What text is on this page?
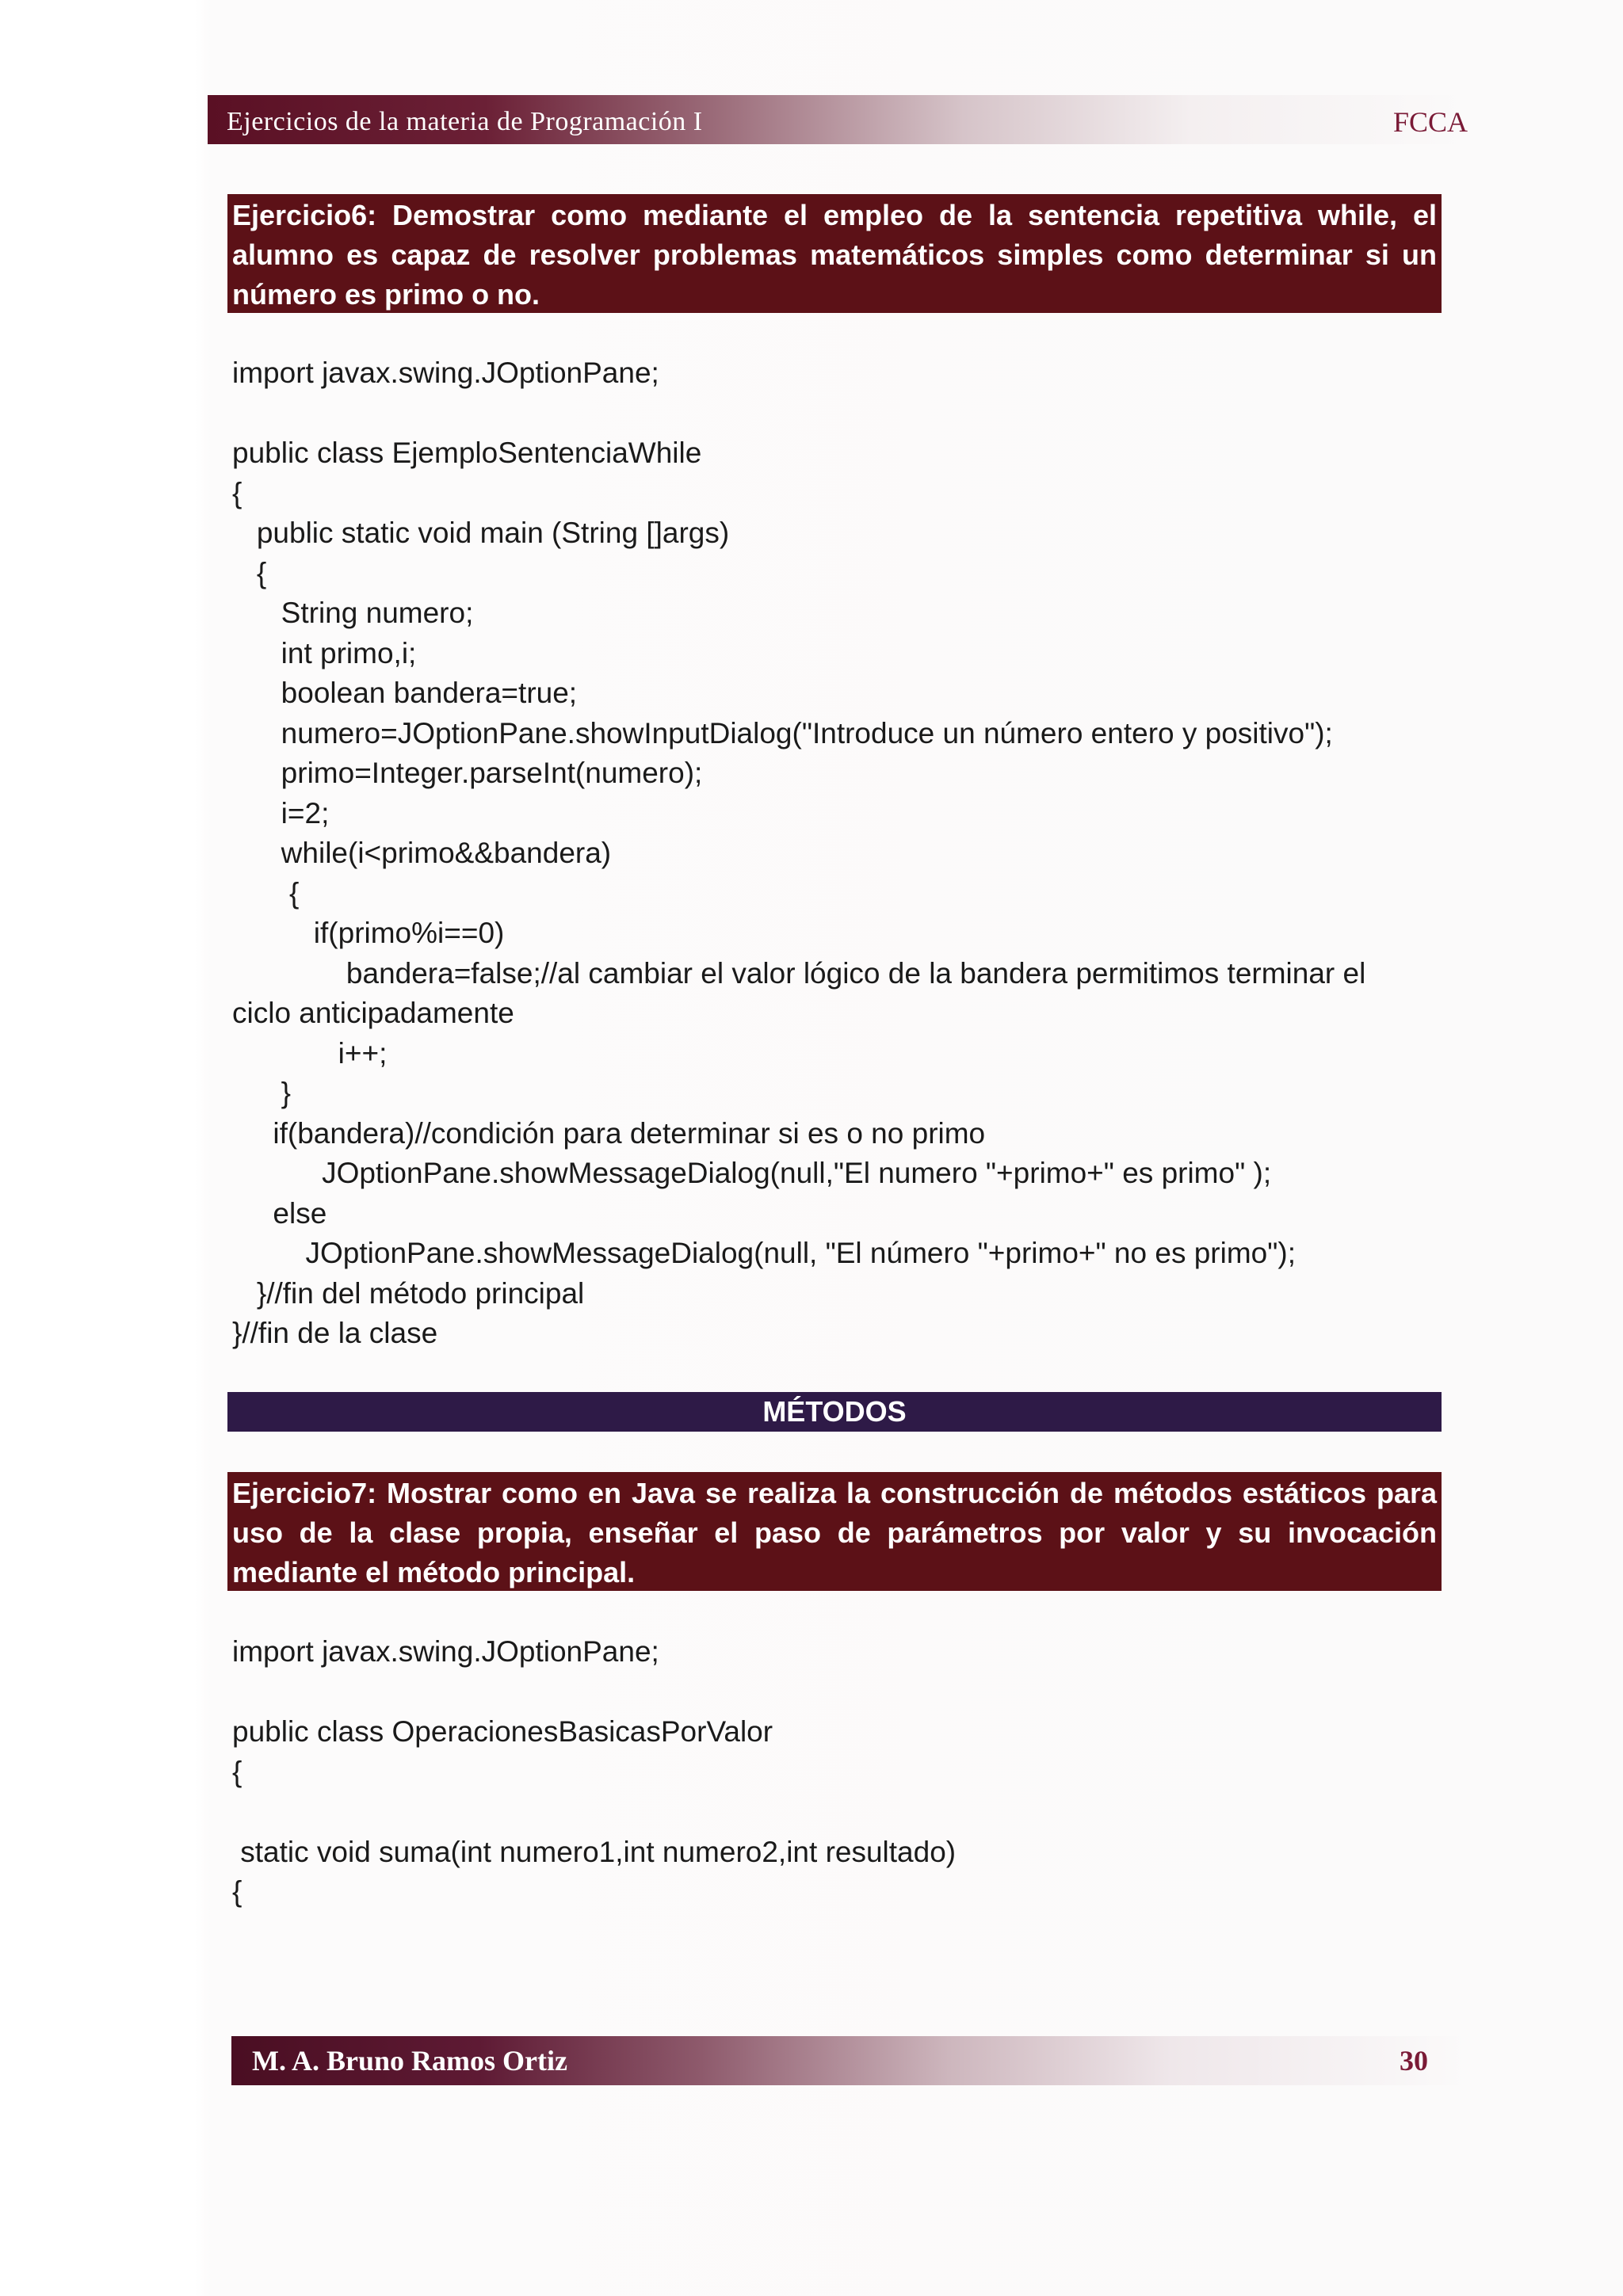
Ejercicios de la materia de Programación I	FCCA
Ejercicio6: Demostrar como mediante el empleo de la sentencia repetitiva while, el alumno es capaz de resolver problemas matemáticos simples como determinar si un número es primo o no.
import javax.swing.JOptionPane;
public class EjemploSentenciaWhile
{
public static void main (String []args)
{
String numero;
int primo,i;
boolean bandera=true;
numero=JOptionPane.showInputDialog("Introduce un número entero y positivo");
primo=Integer.parseInt(numero);
i=2;
while(i<primo&&bandera)
{
if(primo%i==0)
bandera=false;//al cambiar el valor lógico de la bandera permitimos terminar el
ciclo anticipadamente
i++;
}
if(bandera)//condición para determinar si es o no primo
JOptionPane.showMessageDialog(null,"El numero "+primo+" es primo" );
else
JOptionPane.showMessageDialog(null, "El número "+primo+" no es primo");
}//fin del método principal
}//fin de la clase
MÉTODOS
Ejercicio7: Mostrar como en Java se realiza la construcción de métodos estáticos para uso de la clase propia, enseñar el paso de parámetros por valor y su invocación mediante el método principal.
import javax.swing.JOptionPane;
public class OperacionesBasicasPorValor
{
static void suma(int numero1,int numero2,int resultado)
{
M. A. Bruno Ramos Ortiz	30
